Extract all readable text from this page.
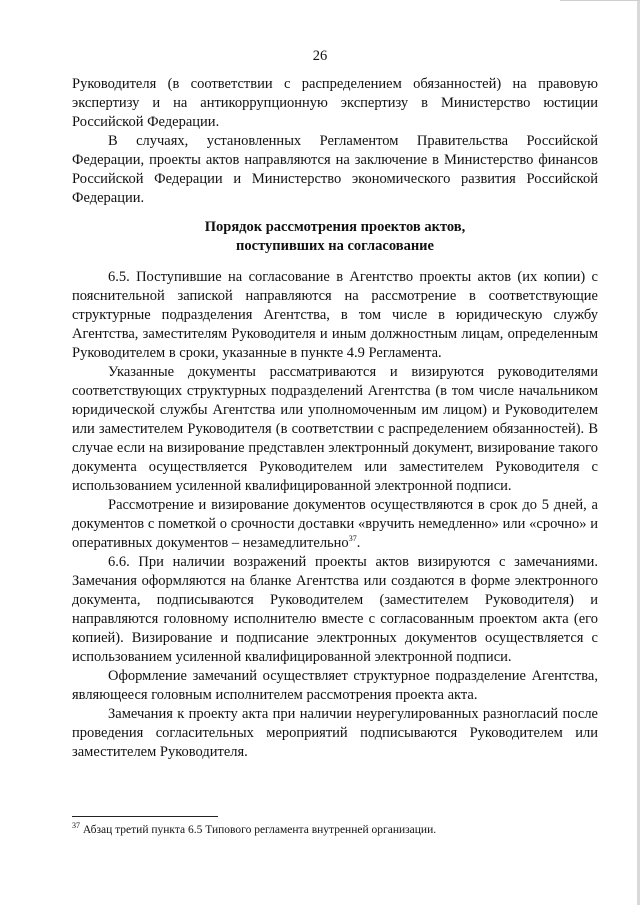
26

Руководителя (в соответствии с распределением обязанностей) на правовую экспертизу и на антикоррупционную экспертизу в Министерство юстиции Российской Федерации.

В случаях, установленных Регламентом Правительства Российской Федерации, проекты актов направляются на заключение в Министерство финансов Российской Федерации и Министерство экономического развития Российской Федерации.

Порядок рассмотрения проектов актов,
поступивших на согласование

6.5. Поступившие на согласование в Агентство проекты актов (их копии) с пояснительной запиской направляются на рассмотрение в соответствующие структурные подразделения Агентства, в том числе в юридическую службу Агентства, заместителям Руководителя и иным должностным лицам, определенным Руководителем в сроки, указанные в пункте 4.9 Регламента.

Указанные документы рассматриваются и визируются руководителями соответствующих структурных подразделений Агентства (в том числе начальником юридической службы Агентства или уполномоченным им лицом) и Руководителем или заместителем Руководителя (в соответствии с распределением обязанностей). В случае если на визирование представлен электронный документ, визирование такого документа осуществляется Руководителем или заместителем Руководителя с использованием усиленной квалифицированной электронной подписи.

Рассмотрение и визирование документов осуществляются в срок до 5 дней, а документов с пометкой о срочности доставки «вручить немедленно» или «срочно» и оперативных документов – незамедлительно$^{37}$.

6.6. При наличии возражений проекты актов визируются с замечаниями. Замечания оформляются на бланке Агентства или создаются в форме электронного документа, подписываются Руководителем (заместителем Руководителя) и направляются головному исполнителю вместе с согласованным проектом акта (его копией). Визирование и подписание электронных документов осуществляется с использованием усиленной квалифицированной электронной подписи.

Оформление замечаний осуществляет структурное подразделение Агентства, являющееся головным исполнителем рассмотрения проекта акта.

Замечания к проекту акта при наличии неурегулированных разногласий после проведения согласительных мероприятий подписываются Руководителем или заместителем Руководителя.

$^{37}$ Абзац третий пункта 6.5 Типового регламента внутренней организации.
